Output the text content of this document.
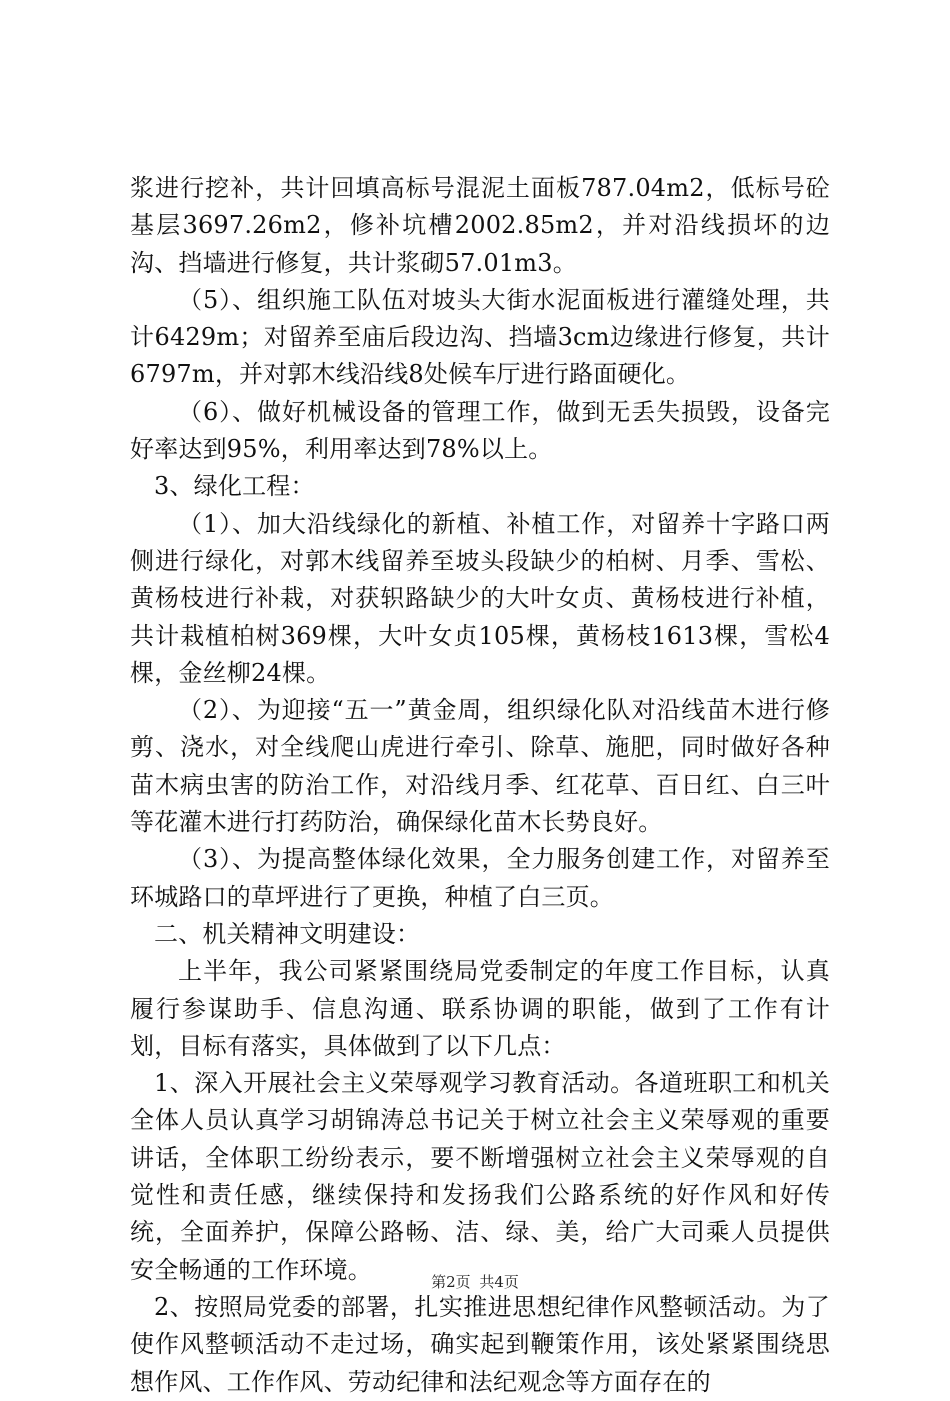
浆进行挖补，共计回填高标号混泥土面板787.04m2，低标号砼基层3697.26m2，修补坑槽2002.85m2，并对沿线损坏的边沟、挡墙进行修复，共计浆砌57.01m3。

（5）、组织施工队伍对坡头大街水泥面板进行灌缝处理，共计6429m；对留养至庙后段边沟、挡墙3cm边缘进行修复，共计6797m，并对郭木线沿线8处候车厅进行路面硬化。

（6）、做好机械设备的管理工作，做到无丢失损毁，设备完好率达到95%，利用率达到78%以上。

3、绿化工程：

（1）、加大沿线绿化的新植、补植工作，对留养十字路口两侧进行绿化，对郭木线留养至坡头段缺少的柏树、月季、雪松、黄杨枝进行补栽，对获轵路缺少的大叶女贞、黄杨枝进行补植，共计栽植柏树369棵，大叶女贞105棵，黄杨枝1613棵，雪松4棵，金丝柳24棵。

（2）、为迎接“五一”黄金周，组织绿化队对沿线苗木进行修剪、浇水，对全线爬山虎进行牵引、除草、施肥，同时做好各种苗木病虫害的防治工作，对沿线月季、红花草、百日红、白三叶等花灌木进行打药防治，确保绿化苗木长势良好。

（3）、为提高整体绿化效果，全力服务创建工作，对留养至环城路口的草坪进行了更换，种植了白三页。

二、机关精神文明建设：

上半年，我公司紧紧围绕局党委制定的年度工作目标，认真履行参谋助手、信息沟通、联系协调的职能，做到了工作有计划，目标有落实，具体做到了以下几点：

1、深入开展社会主义荣辱观学习教育活动。各道班职工和机关全体人员认真学习胡锦涛总书记关于树立社会主义荣辱观的重要讲话，全体职工纷纷表示，要不断增强树立社会主义荣辱观的自觉性和责任感，继续保持和发扬我们公路系统的好作风和好传统，全面养护，保障公路畅、洁、绿、美，给广大司乘人员提供安全畅通的工作环境。

2、按照局党委的部署，扎实推进思想纪律作风整顿活动。为了使作风整顿活动不走过场，确实起到鞭策作用，该处紧紧围绕思想作风、工作作风、劳动纪律和法纪观念等方面存在的

第2页 共4页
